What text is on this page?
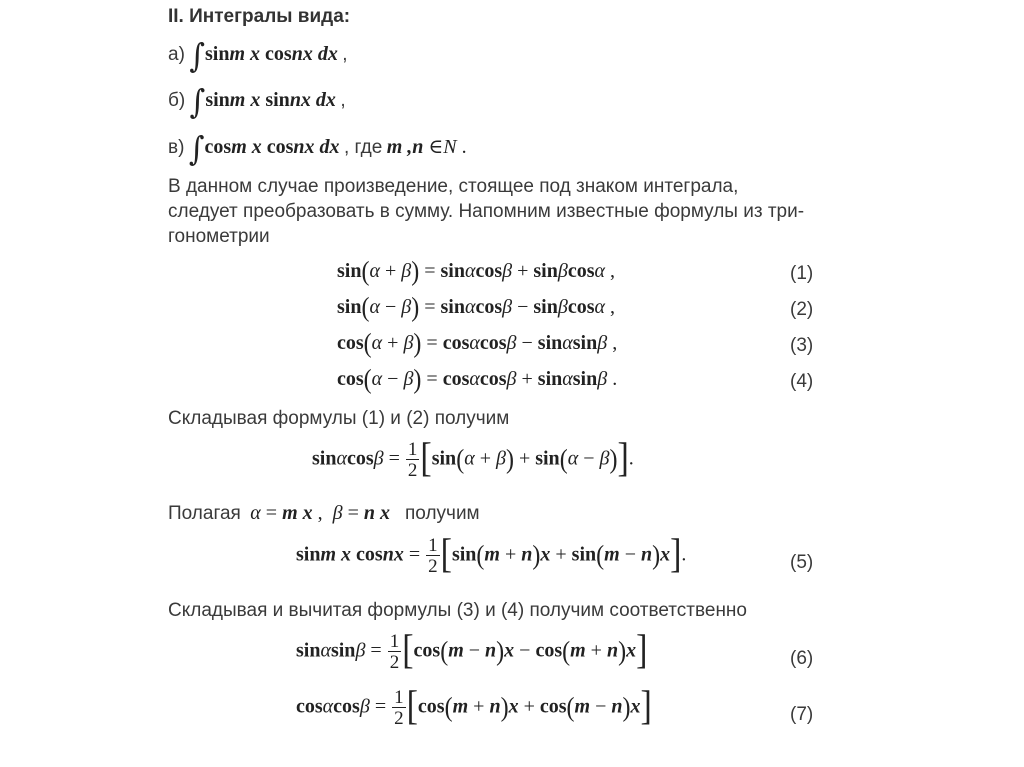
II. Интегралы вида:
а) ∫sinm x cosnx dx ,
б) ∫sinm x sinnx dx ,
в) ∫cosm x cosnx dx , где m ,n ∈N .
В данном случае произведение, стоящее под знаком интеграла,
следует преобразовать в сумму. Напомним известные формулы из три-
гонометрии
sin(α + β) = sinαcosβ + sinβcosα ,	(1)
sin(α − β) = sinαcosβ − sinβcosα ,	(2)
cos(α + β) = cosαcosβ − sinαsinβ ,	(3)
cos(α − β) = cosαcosβ + sinαsinβ .	(4)
Складывая формулы (1) и (2) получим
$\sin\alpha\cos\beta = \frac{1}{2} [\sin(\alpha + \beta) + \sin(\alpha - \beta)]$.
Полагая α = m x ,  β = n x получим
sinm x cosnx = $\frac{1}{2} [\sin(m + n)x + \sin(m - n)x]$.	(5)
Складывая и вычитая формулы (3) и (4) получим соответственно
$\sin\alpha\sin\beta = \frac{1}{2} [\cos(m - n)x - \cos(m + n)x]$	(6)
$\cos\alpha\cos\beta = \frac{1}{2} [\cos(m + n)x + \cos(m - n)x]$	(7)
